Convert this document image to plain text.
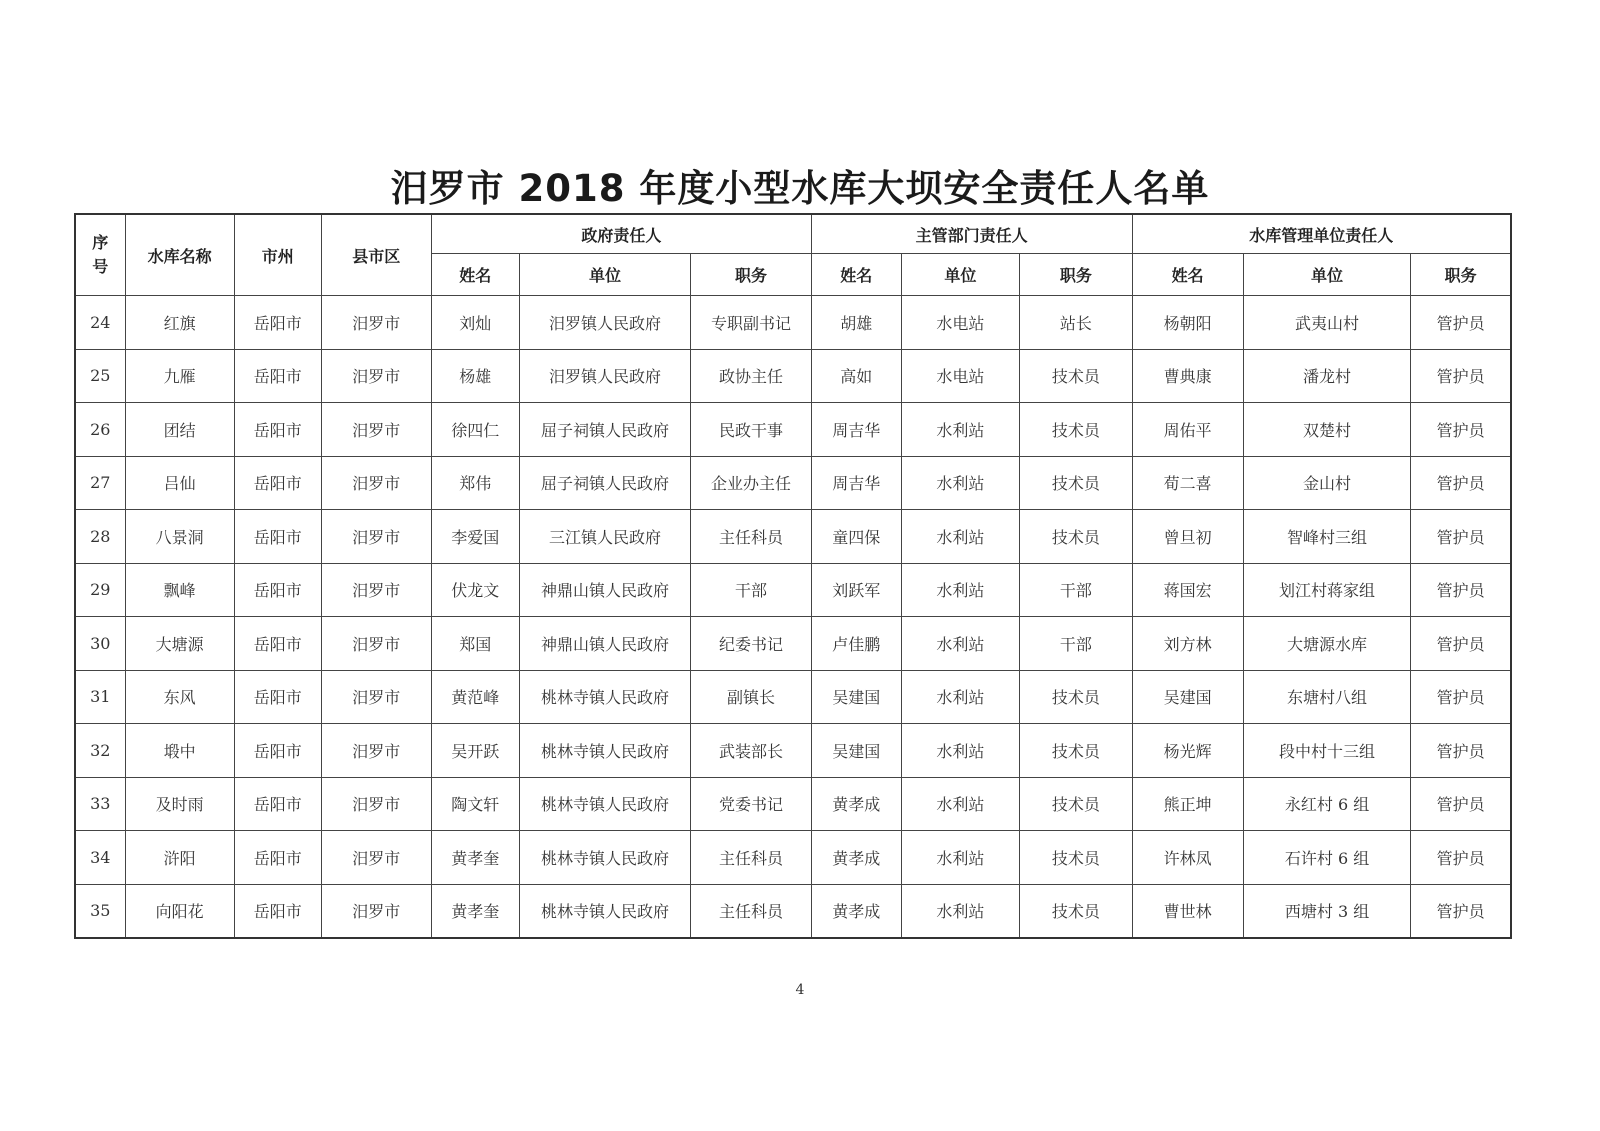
汨罗市 2018 年度小型水库大坝安全责任人名单
序
号	水库名称	市州	县市区	政府责任人			主管部门责任人			水库管理单位责任人		
				姓名	单位	职务	姓名	单位	职务	姓名	单位	职务
24	红旗	岳阳市	汨罗市	刘灿	汨罗镇人民政府	专职副书记	胡雄	水电站	站长	杨朝阳	武夷山村	管护员
25	九雁	岳阳市	汨罗市	杨雄	汨罗镇人民政府	政协主任	高如	水电站	技术员	曹典康	潘龙村	管护员
26	团结	岳阳市	汨罗市	徐四仁	屈子祠镇人民政府	民政干事	周吉华	水利站	技术员	周佑平	双楚村	管护员
27	吕仙	岳阳市	汨罗市	郑伟	屈子祠镇人民政府	企业办主任	周吉华	水利站	技术员	荀二喜	金山村	管护员
28	八景洞	岳阳市	汨罗市	李爱国	三江镇人民政府	主任科员	童四保	水利站	技术员	曾旦初	智峰村三组	管护员
29	飘峰	岳阳市	汨罗市	伏龙文	神鼎山镇人民政府	干部	刘跃军	水利站	干部	蒋国宏	划江村蒋家组	管护员
30	大塘源	岳阳市	汨罗市	郑国	神鼎山镇人民政府	纪委书记	卢佳鹏	水利站	干部	刘方林	大塘源水库	管护员
31	东风	岳阳市	汨罗市	黄范峰	桃林寺镇人民政府	副镇长	吴建国	水利站	技术员	吴建国	东塘村八组	管护员
32	塅中	岳阳市	汨罗市	吴开跃	桃林寺镇人民政府	武装部长	吴建国	水利站	技术员	杨光辉	段中村十三组	管护员
33	及时雨	岳阳市	汨罗市	陶文轩	桃林寺镇人民政府	党委书记	黄孝成	水利站	技术员	熊正坤	永红村 6 组	管护员
34	浒阳	岳阳市	汨罗市	黄孝奎	桃林寺镇人民政府	主任科员	黄孝成	水利站	技术员	许林凤	石许村 6 组	管护员
35	向阳花	岳阳市	汨罗市	黄孝奎	桃林寺镇人民政府	主任科员	黄孝成	水利站	技术员	曹世林	西塘村 3 组	管护员
4
